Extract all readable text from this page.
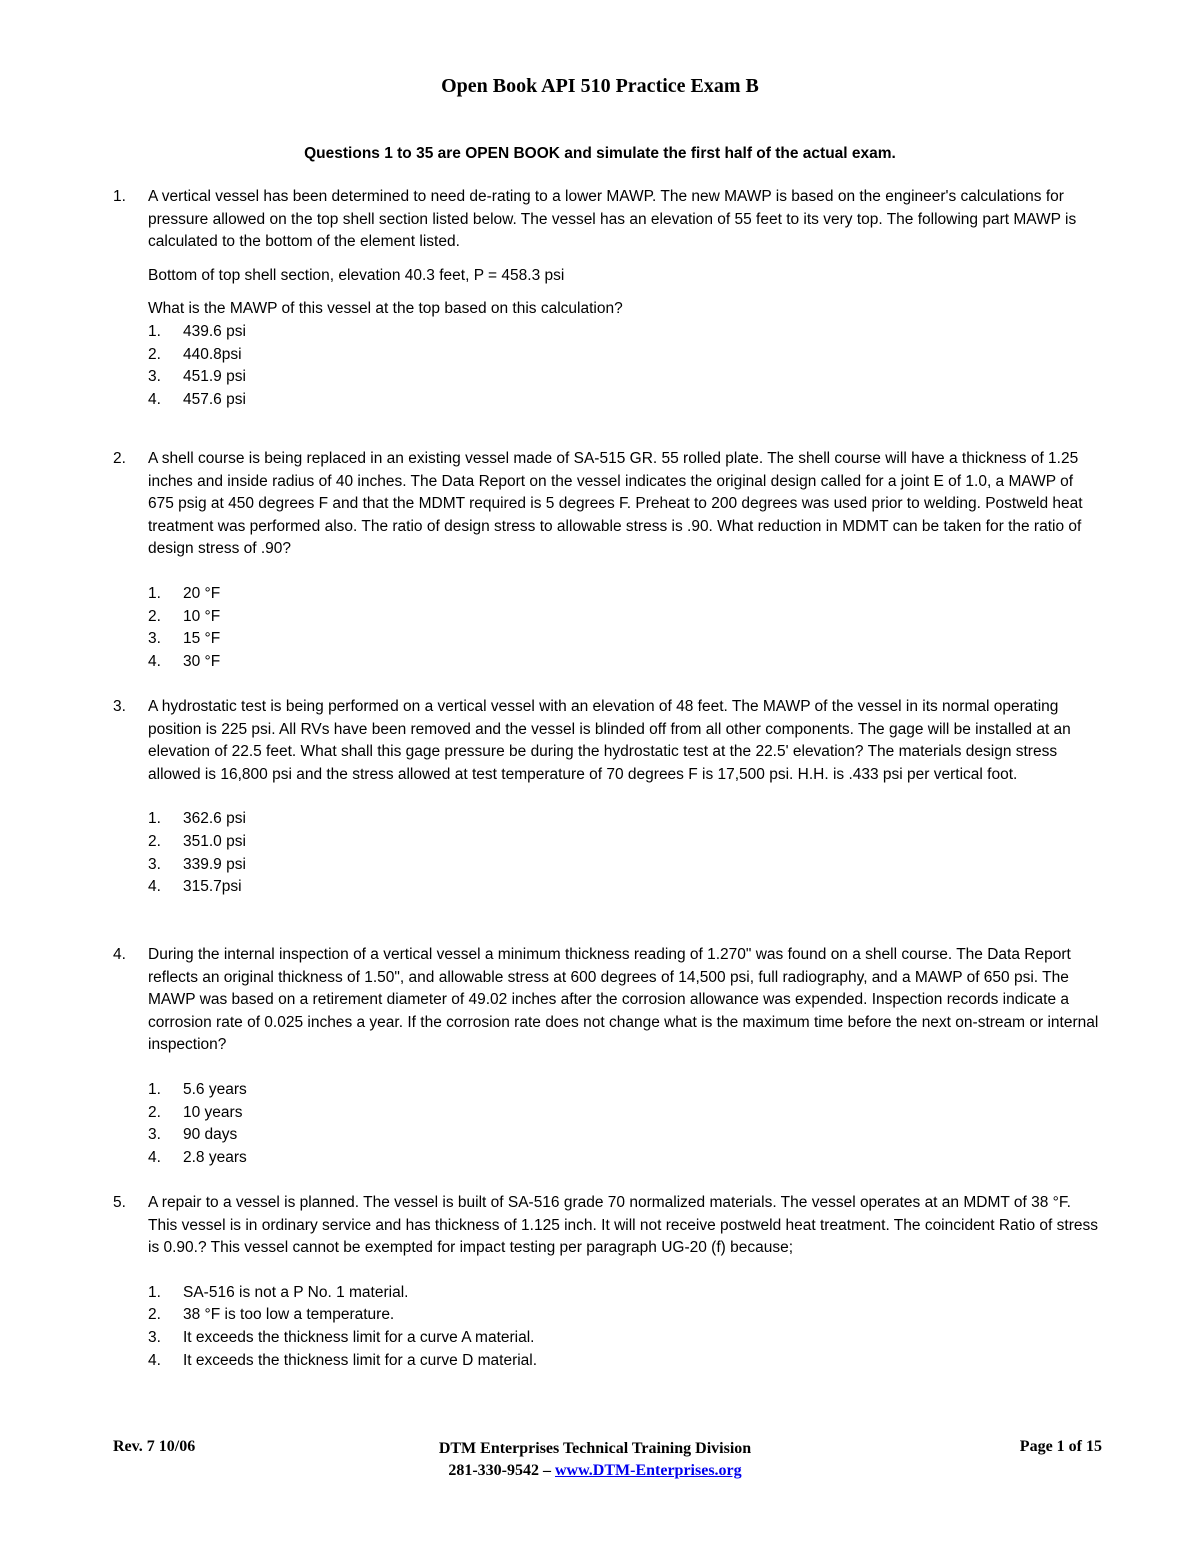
Open Book API 510 Practice Exam B
Questions 1 to 35 are OPEN BOOK and simulate the first half of the actual exam.
1.	A vertical vessel has been determined to need de-rating to a lower MAWP. The new MAWP is based on the engineer's calculations for pressure allowed on the top shell section listed below. The vessel has an elevation of 55 feet to its very top. The following part MAWP is calculated to the bottom of the element listed.

Bottom of top shell section, elevation 40.3 feet, P = 458.3 psi

What is the MAWP of this vessel at the top based on this calculation?

1. 439.6 psi
2. 440.8psi
3. 451.9 psi
4. 457.6 psi
2.	A shell course is being replaced in an existing vessel made of SA-515 GR. 55 rolled plate. The shell course will have a thickness of 1.25 inches and inside radius of 40 inches. The Data Report on the vessel indicates the original design called for a joint E of 1.0, a MAWP of 675 psig at 450 degrees F and that the MDMT required is 5 degrees F. Preheat to 200 degrees was used prior to welding. Postweld heat treatment was performed also. The ratio of design stress to allowable stress is .90. What reduction in MDMT can be taken for the ratio of design stress of .90?

1. 20 °F
2. 10 °F
3. 15 °F
4. 30 °F
3.	A hydrostatic test is being performed on a vertical vessel with an elevation of 48 feet. The MAWP of the vessel in its normal operating position is 225 psi. All RVs have been removed and the vessel is blinded off from all other components. The gage will be installed at an elevation of 22.5 feet. What shall this gage pressure be during the hydrostatic test at the 22.5' elevation? The materials design stress allowed is 16,800 psi and the stress allowed at test temperature of 70 degrees F is 17,500 psi. H.H. is .433 psi per vertical foot.

1. 362.6 psi
2. 351.0 psi
3. 339.9 psi
4. 315.7psi
4.	During the internal inspection of a vertical vessel a minimum thickness reading of 1.270" was found on a shell course. The Data Report reflects an original thickness of 1.50", and allowable stress at 600 degrees of 14,500 psi, full radiography, and a MAWP of 650 psi. The MAWP was based on a retirement diameter of 49.02 inches after the corrosion allowance was expended. Inspection records indicate a corrosion rate of 0.025 inches a year. If the corrosion rate does not change what is the maximum time before the next on-stream or internal inspection?

1. 5.6 years
2. 10 years
3. 90 days
4. 2.8 years
5.	A repair to a vessel is planned. The vessel is built of SA-516 grade 70 normalized materials. The vessel operates at an MDMT of 38 °F. This vessel is in ordinary service and has thickness of 1.125 inch. It will not receive postweld heat treatment. The coincident Ratio of stress is 0.90.? This vessel cannot be exempted for impact testing per paragraph UG-20 (f) because;

1. SA-516 is not a P No. 1 material.
2. 38 °F is too low a temperature.
3. It exceeds the thickness limit for a curve A material.
4. It exceeds the thickness limit for a curve D material.
Rev. 7 10/06	DTM Enterprises Technical Training Division
281-330-9542 – www.DTM-Enterprises.org
Page 1 of 15
